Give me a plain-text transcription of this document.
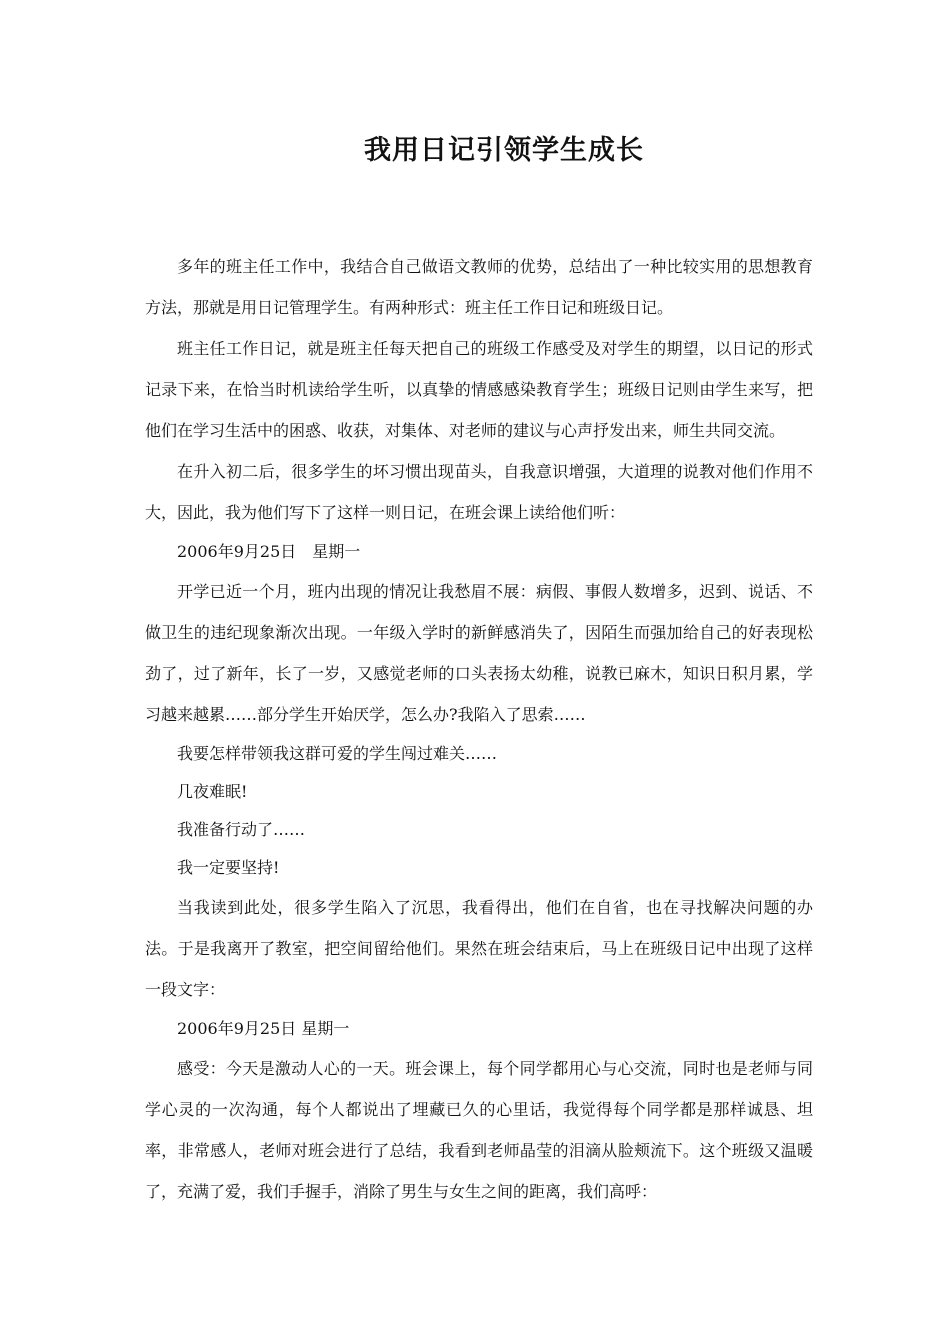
我用日记引领学生成长

多年的班主任工作中，我结合自己做语文教师的优势，总结出了一种比较实用的思想教育方法，那就是用日记管理学生。有两种形式：班主任工作日记和班级日记。

班主任工作日记，就是班主任每天把自己的班级工作感受及对学生的期望，以日记的形式记录下来，在恰当时机读给学生听，以真挚的情感感染教育学生；班级日记则由学生来写，把他们在学习生活中的困惑、收获，对集体、对老师的建议与心声抒发出来，师生共同交流。

在升入初二后，很多学生的坏习惯出现苗头，自我意识增强，大道理的说教对他们作用不大，因此，我为他们写下了这样一则日记，在班会课上读给他们听：

2006年9月25日　星期一

开学已近一个月，班内出现的情况让我愁眉不展：病假、事假人数增多，迟到、说话、不做卫生的违纪现象渐次出现。一年级入学时的新鲜感消失了，因陌生而强加给自己的好表现松劲了，过了新年，长了一岁，又感觉老师的口头表扬太幼稚，说教已麻木，知识日积月累，学习越来越累……部分学生开始厌学，怎么办?我陷入了思索……

我要怎样带领我这群可爱的学生闯过难关……

几夜难眠!

我准备行动了……

我一定要坚持!

当我读到此处，很多学生陷入了沉思，我看得出，他们在自省，也在寻找解决问题的办法。于是我离开了教室，把空间留给他们。果然在班会结束后，马上在班级日记中出现了这样一段文字：

2006年9月25日 星期一

感受：今天是激动人心的一天。班会课上，每个同学都用心与心交流，同时也是老师与同学心灵的一次沟通，每个人都说出了埋藏已久的心里话，我觉得每个同学都是那样诚恳、坦率，非常感人，老师对班会进行了总结，我看到老师晶莹的泪滴从脸颊流下。这个班级又温暖了，充满了爱，我们手握手，消除了男生与女生之间的距离，我们高呼：
